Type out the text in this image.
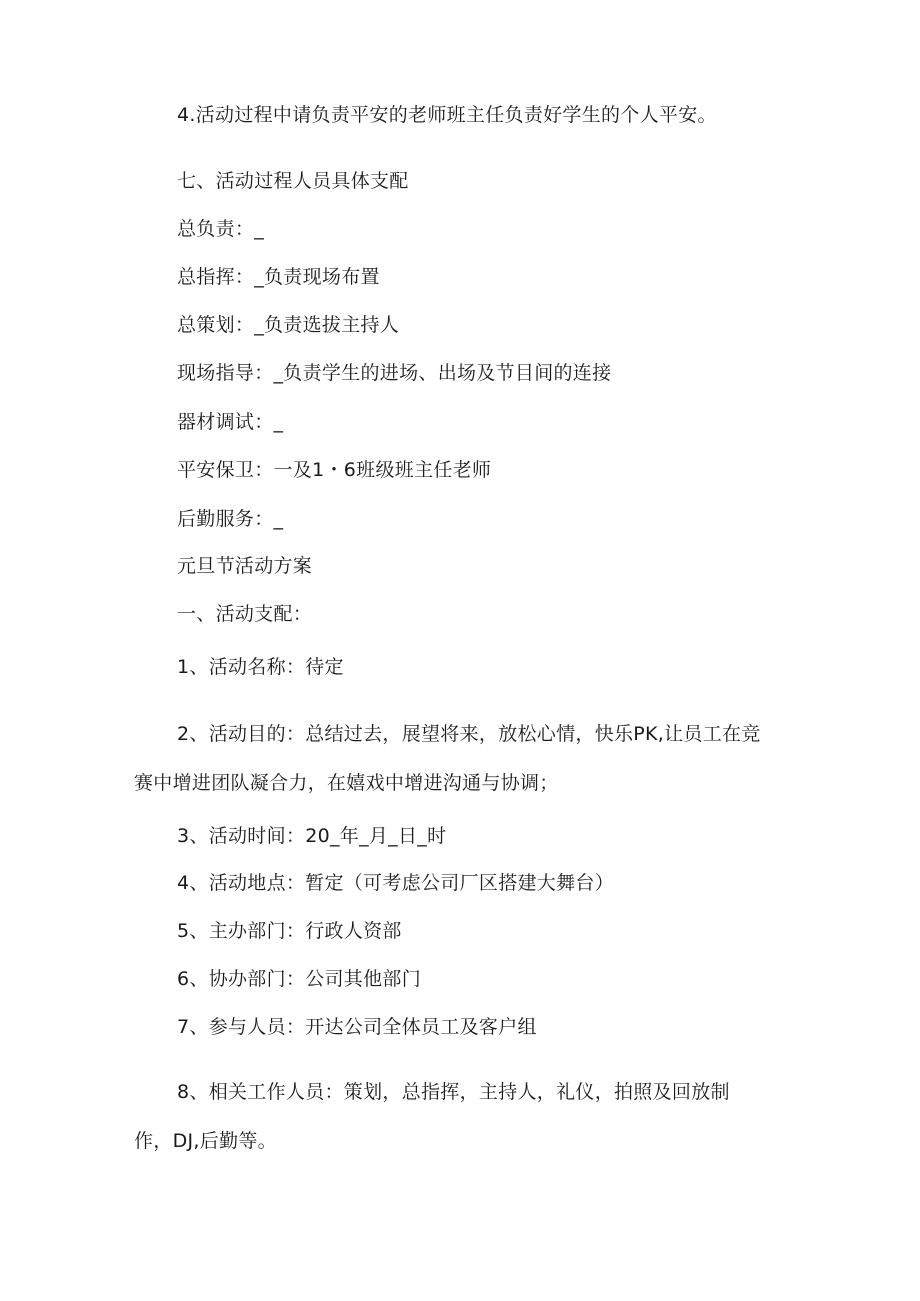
4.活动过程中请负责平安的老师班主任负责好学生的个人平安。
七、活动过程人员具体支配
总负责：_
总指挥：_负责现场布置
总策划：_负责选拔主持人
现场指导：_负责学生的进场、出场及节目间的连接
器材调试：_
平安保卫：一及1・6班级班主任老师
后勤服务：_
元旦节活动方案
一、活动支配：
1、活动名称：待定
2、活动目的：总结过去，展望将来，放松心情，快乐PK,让员工在竞
赛中增进团队凝合力，在嬉戏中增进沟通与协调；
3、活动时间：20_年_月_日_时
4、活动地点：暂定（可考虑公司厂区搭建大舞台）
5、主办部门：行政人资部
6、协办部门：公司其他部门
7、参与人员：开达公司全体员工及客户组
8、相关工作人员：策划，总指挥，主持人，礼仪，拍照及回放制
作，DJ,后勤等。
